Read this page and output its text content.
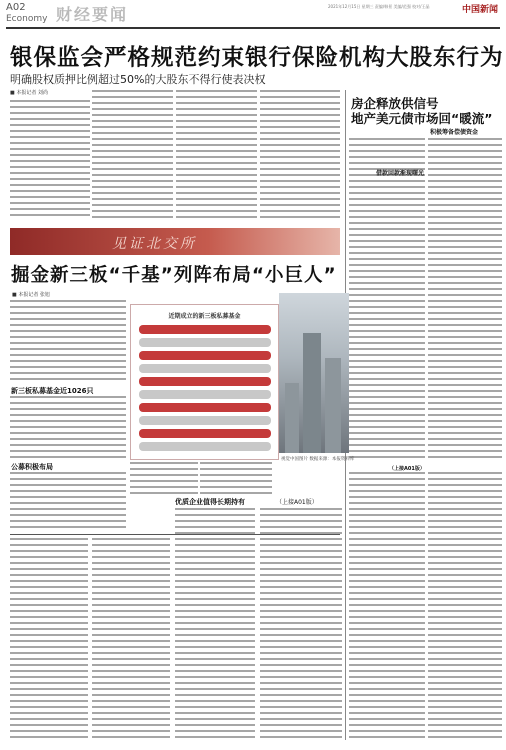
A02
Economy 财经要闻	2021年12月15日 星期三 责编/韩景 美编/范强 校对/王晶	中国新闻
银保监会严格规范约束银行保险机构大股东行为
明确股权质押比例超过50%的大股东不得行使表决权
■ 本报记者 刘尚
房企释放供信号
地产美元债市场回“暖流”
积极筹备偿债资金
借款回款渐现曙光
见证北交所
掘金新三板“千基”列阵布局“小巨人”
■ 本报记者 张旭
新三板私募基金近1026只
公募积极布局
近期成立的新三板私募基金
视觉中国图片 数据来源：本报资料库
优质企业值得长期持有	（上接A01版）
（上接A01版）
